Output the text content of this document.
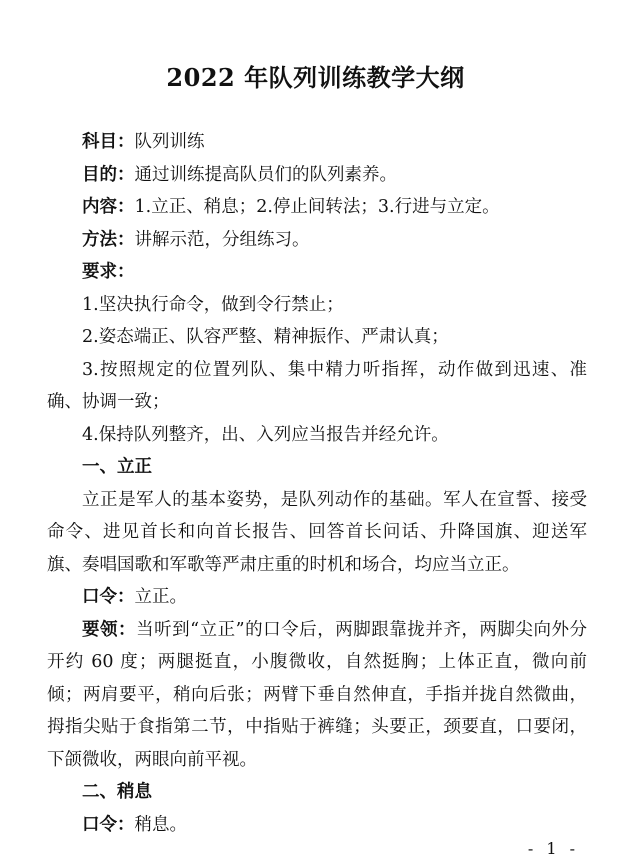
2022 年队列训练教学大纲

科目：队列训练

目的：通过训练提高队员们的队列素养。

内容：1.立正、稍息；2.停止间转法；3.行进与立定。

方法：讲解示范，分组练习。

要求：

1.坚决执行命令，做到令行禁止；

2.姿态端正、队容严整、精神振作、严肃认真；

3.按照规定的位置列队、集中精力听指挥，动作做到迅速、准确、协调一致；

4.保持队列整齐，出、入列应当报告并经允许。

一、立正

立正是军人的基本姿势，是队列动作的基础。军人在宣誓、接受命令、进见首长和向首长报告、回答首长问话、升降国旗、迎送军旗、奏唱国歌和军歌等严肃庄重的时机和场合，均应当立正。

口令：立正。

要领：当听到“立正”的口令后，两脚跟靠拢并齐，两脚尖向外分开约 60 度；两腿挺直，小腹微收，自然挺胸；上体正直，微向前倾；两肩要平，稍向后张；两臂下垂自然伸直，手指并拢自然微曲，拇指尖贴于食指第二节，中指贴于裤缝；头要正，颈要直，口要闭，下颌微收，两眼向前平视。

二、稍息

口令：稍息。

- 1 -
